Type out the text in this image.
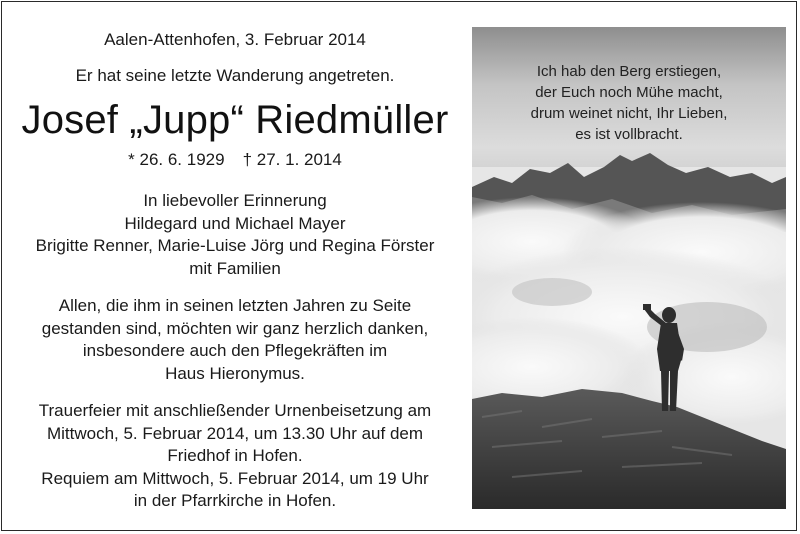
Aalen-Attenhofen, 3. Februar 2014
Er hat seine letzte Wanderung angetreten.
Josef „Jupp“ Riedmüller
* 26. 6. 1929 † 27. 1. 2014
In liebevoller Erinnerung
Hildegard und Michael Mayer
Brigitte Renner, Marie-Luise Jörg und Regina Förster
mit Familien
Allen, die ihm in seinen letzten Jahren zu Seite
gestanden sind, möchten wir ganz herzlich danken,
insbesondere auch den Pflegekräften im
Haus Hieronymus.
Trauerfeier mit anschließender Urnenbeisetzung am
Mittwoch, 5. Februar 2014, um 13.30 Uhr auf dem
Friedhof in Hofen.
Requiem am Mittwoch, 5. Februar 2014, um 19 Uhr
in der Pfarrkirche in Hofen.
Ich hab den Berg erstiegen,
der Euch noch Mühe macht,
drum weinet nicht, Ihr Lieben,
es ist vollbracht.
